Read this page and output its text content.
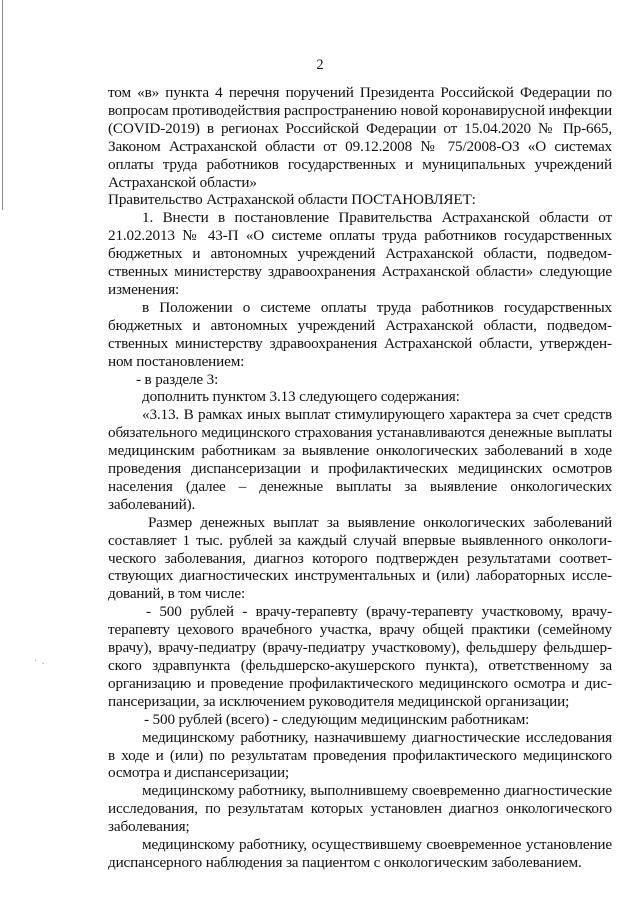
2

том «в» пункта 4 перечня поручений Президента Российской Федерации по вопросам противодействия распространению новой коронавирусной инфекции (COVID-2019) в регионах Российской Федерации от 15.04.2020 № Пр-665, Законом Астраханской области от 09.12.2008 № 75/2008-ОЗ «О системах оплаты труда работников государственных и муниципальных учреждений Астраханской области»

Правительство Астраханской области ПОСТАНОВЛЯЕТ:

1. Внести в постановление Правительства Астраханской области от 21.02.2013 № 43-П «О системе оплаты труда работников государственных бюджетных и автономных учреждений Астраханской области, подведомственных министерству здравоохранения Астраханской области» следующие изменения:

в Положении о системе оплаты труда работников государственных бюджетных и автономных учреждений Астраханской области, подведомственных министерству здравоохранения Астраханской области, утвержденном постановлением:

- в разделе 3:

дополнить пунктом 3.13 следующего содержания:

«3.13. В рамках иных выплат стимулирующего характера за счет средств обязательного медицинского страхования устанавливаются денежные выплаты медицинским работникам за выявление онкологических заболеваний в ходе проведения диспансеризации и профилактических медицинских осмотров населения (далее – денежные выплаты за выявление онкологических заболеваний).

Размер денежных выплат за выявление онкологических заболеваний составляет 1 тыс. рублей за каждый случай впервые выявленного онкологического заболевания, диагноз которого подтвержден результатами соответствующих диагностических инструментальных и (или) лабораторных исследований, в том числе:

- 500 рублей - врачу-терапевту (врачу-терапевту участковому, врачу-терапевту цехового врачебного участка, врачу общей практики (семейному врачу), врачу-педиатру (врачу-педиатру участковому), фельдшеру фельдшерского здравпункта (фельдшерско-акушерского пункта), ответственному за организацию и проведение профилактического медицинского осмотра и диспансеризации, за исключением руководителя медицинской организации;

- 500 рублей (всего) - следующим медицинским работникам:

медицинскому работнику, назначившему диагностические исследования в ходе и (или) по результатам проведения профилактического медицинского осмотра и диспансеризации;

медицинскому работнику, выполнившему своевременно диагностические исследования, по результатам которых установлен диагноз онкологического заболевания;

медицинскому работнику, осуществившему своевременное установление диспансерного наблюдения за пациентом с онкологическим заболеванием.

· .
